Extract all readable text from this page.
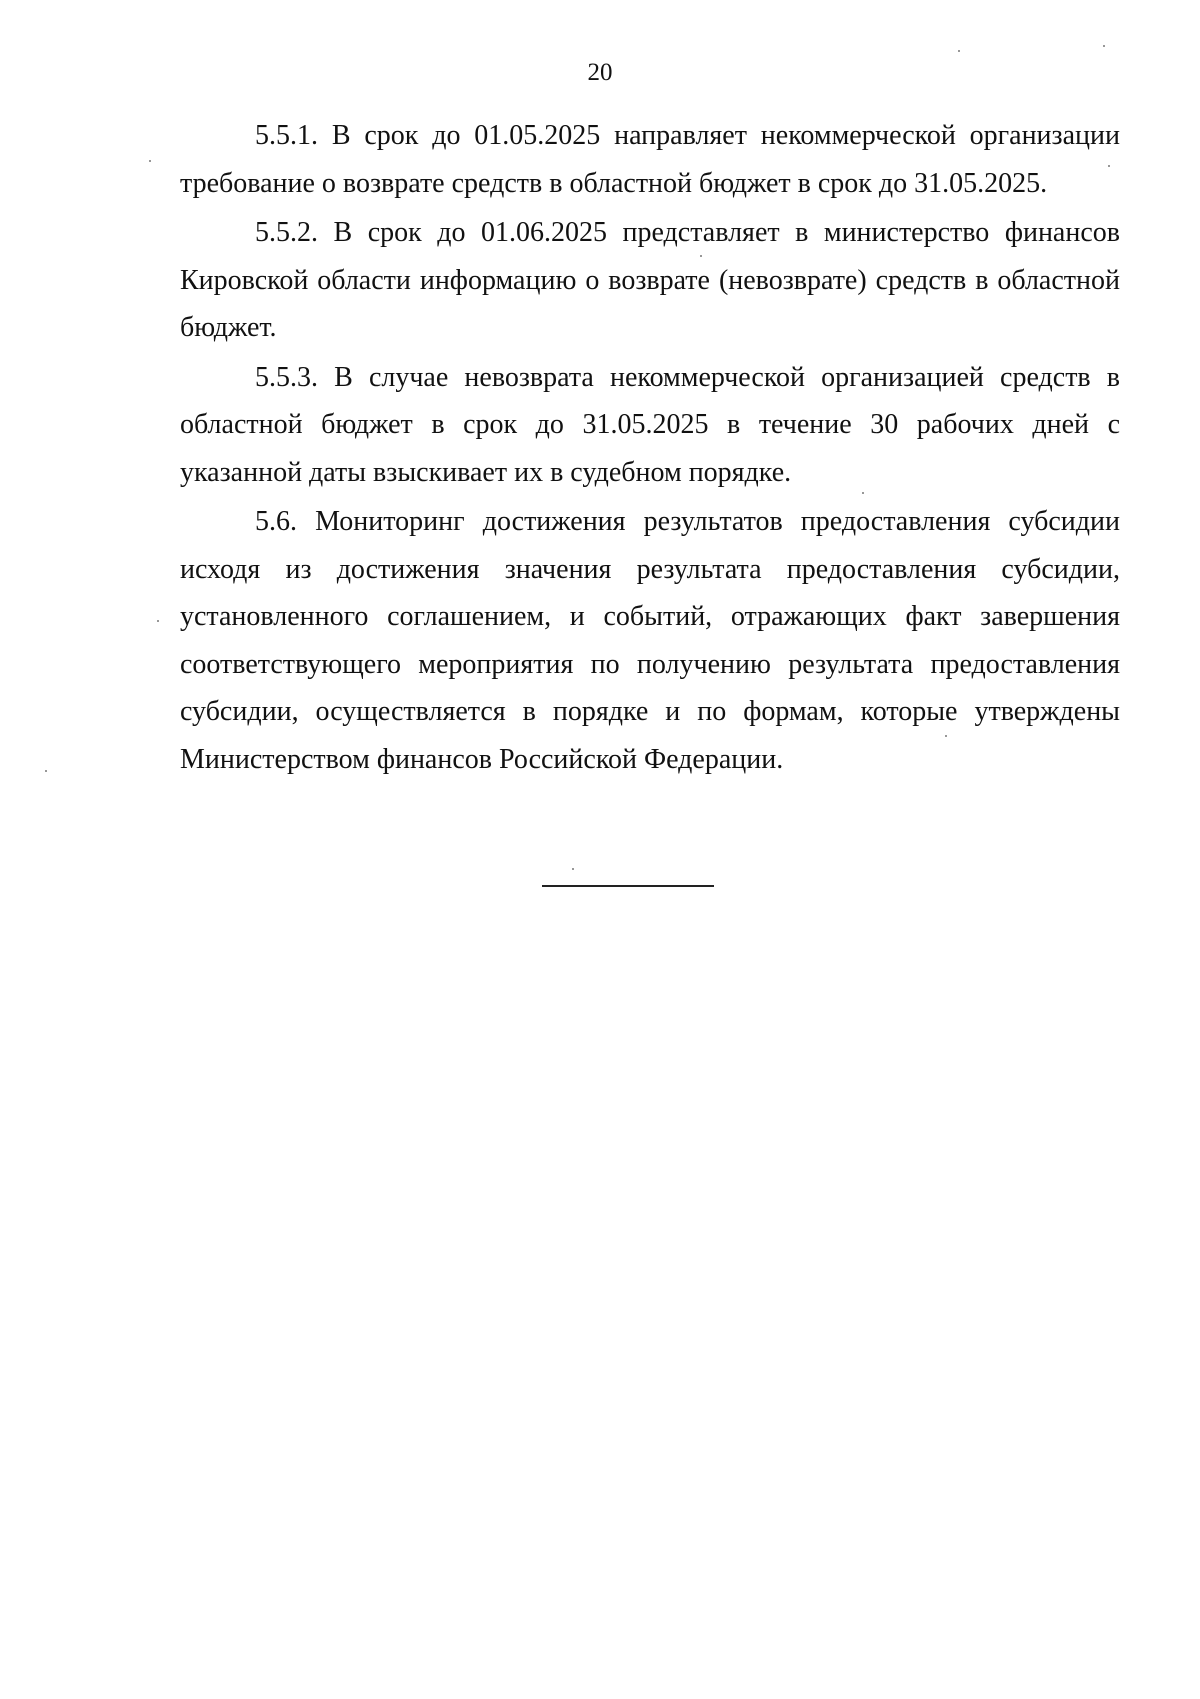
20

5.5.1. В срок до 01.05.2025 направляет некоммерческой организации требование о возврате средств в областной бюджет в срок до 31.05.2025.

5.5.2. В срок до 01.06.2025 представляет в министерство финансов Кировской области информацию о возврате (невозврате) средств в областной бюджет.

5.5.3. В случае невозврата некоммерческой организацией средств в областной бюджет в срок до 31.05.2025 в течение 30 рабочих дней с указанной даты взыскивает их в судебном порядке.

5.6. Мониторинг достижения результатов предоставления субсидии исходя из достижения значения результата предоставления субсидии, установленного соглашением, и событий, отражающих факт завершения соответствующего мероприятия по получению результата предоставления субсидии, осуществляется в порядке и по формам, которые утверждены Министерством финансов Российской Федерации.
